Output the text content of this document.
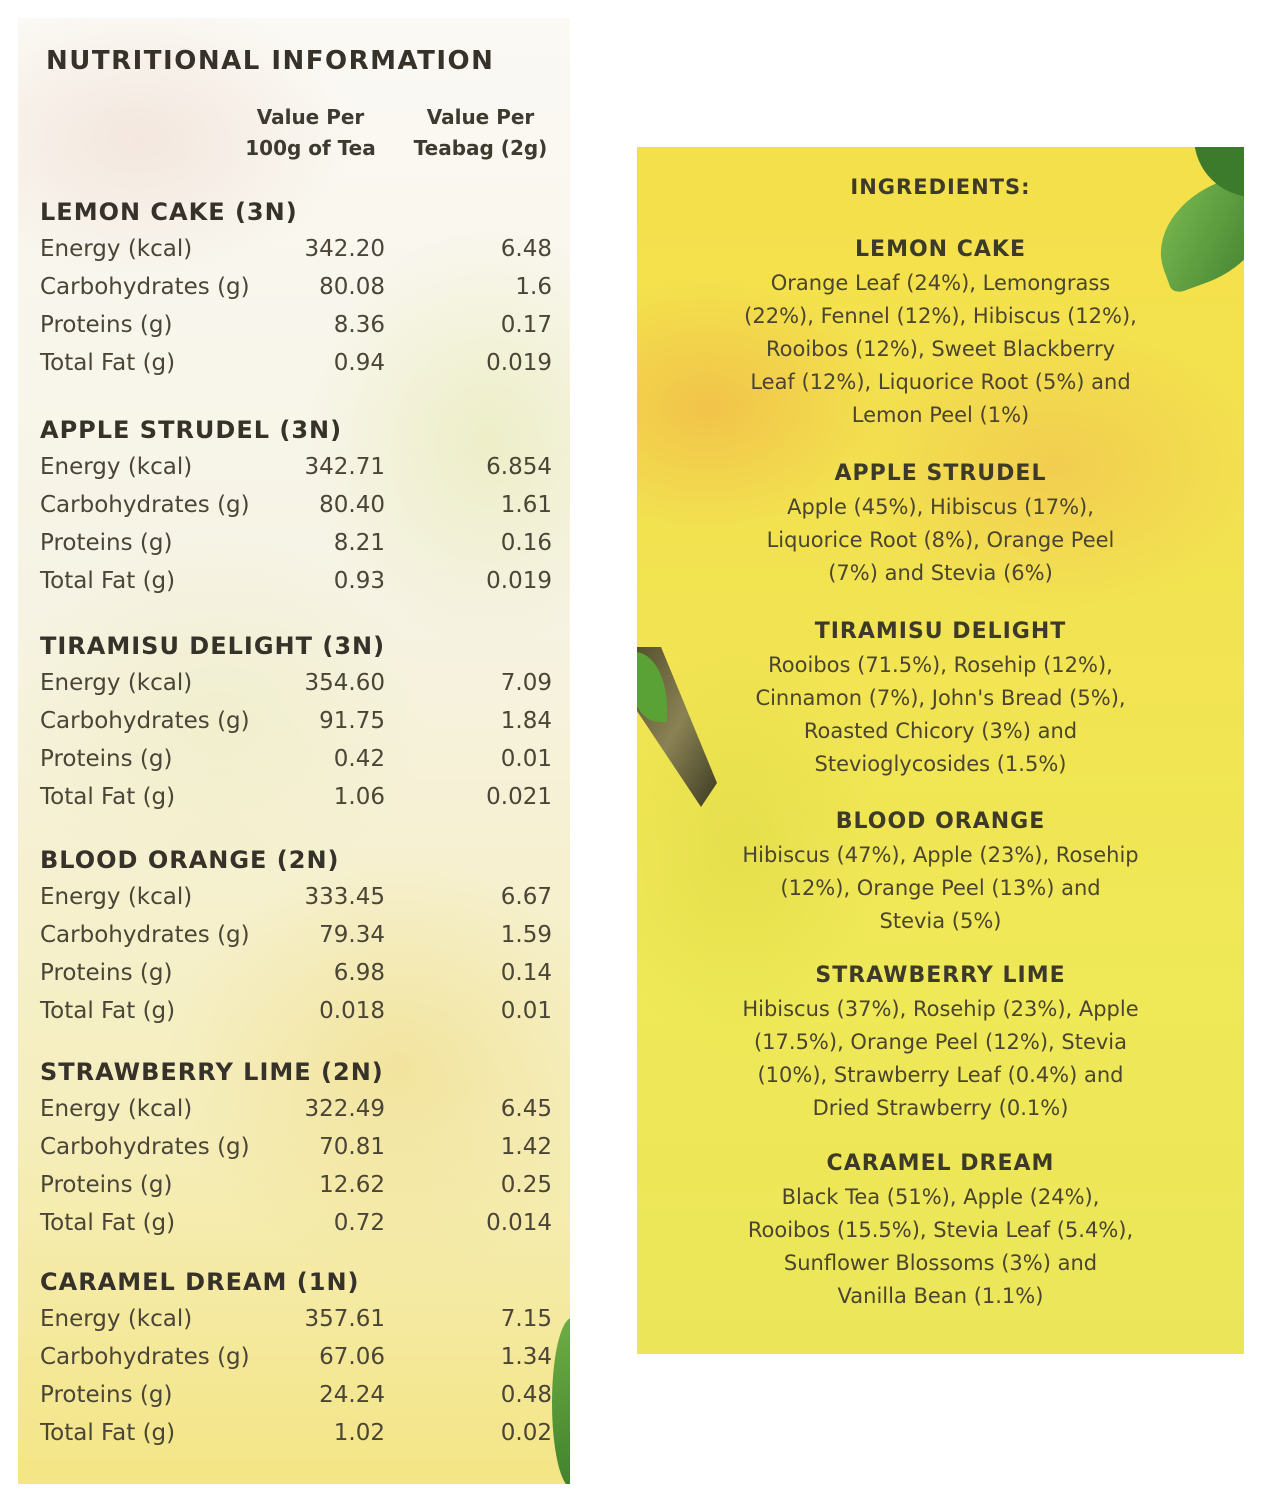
NUTRITIONAL INFORMATION
Value Per
100g of Tea
Value Per
Teabag (2g)
LEMON CAKE (3N)
Energy (kcal)	342.20	6.48
Carbohydrates (g)	80.08	1.6
Proteins (g)	8.36	0.17
Total Fat (g)	0.94	0.019
APPLE STRUDEL (3N)
Energy (kcal)	342.71	6.854
Carbohydrates (g)	80.40	1.61
Proteins (g)	8.21	0.16
Total Fat (g)	0.93	0.019
TIRAMISU DELIGHT (3N)
Energy (kcal)	354.60	7.09
Carbohydrates (g)	91.75	1.84
Proteins (g)	0.42	0.01
Total Fat (g)	1.06	0.021
BLOOD ORANGE (2N)
Energy (kcal)	333.45	6.67
Carbohydrates (g)	79.34	1.59
Proteins (g)	6.98	0.14
Total Fat (g)	0.018	0.01
STRAWBERRY LIME (2N)
Energy (kcal)	322.49	6.45
Carbohydrates (g)	70.81	1.42
Proteins (g)	12.62	0.25
Total Fat (g)	0.72	0.014
CARAMEL DREAM (1N)
Energy (kcal)	357.61	7.15
Carbohydrates (g)	67.06	1.34
Proteins (g)	24.24	0.48
Total Fat (g)	1.02	0.02
INGREDIENTS:
LEMON CAKE

Orange Leaf (24%), Lemongrass

(22%), Fennel (12%), Hibiscus (12%),

Rooibos (12%), Sweet Blackberry

Leaf (12%), Liquorice Root (5%) and

Lemon Peel (1%)

APPLE STRUDEL

Apple (45%), Hibiscus (17%),

Liquorice Root (8%), Orange Peel

(7%) and Stevia (6%)

TIRAMISU DELIGHT

Rooibos (71.5%), Rosehip (12%),

Cinnamon (7%), John's Bread (5%),

Roasted Chicory (3%) and

Stevioglycosides (1.5%)

BLOOD ORANGE

Hibiscus (47%), Apple (23%), Rosehip

(12%), Orange Peel (13%) and

Stevia (5%)

STRAWBERRY LIME

Hibiscus (37%), Rosehip (23%), Apple

(17.5%), Orange Peel (12%), Stevia

(10%), Strawberry Leaf (0.4%) and

Dried Strawberry (0.1%)

CARAMEL DREAM

Black Tea (51%), Apple (24%),

Rooibos (15.5%), Stevia Leaf (5.4%),

Sunflower Blossoms (3%) and

Vanilla Bean (1.1%)
